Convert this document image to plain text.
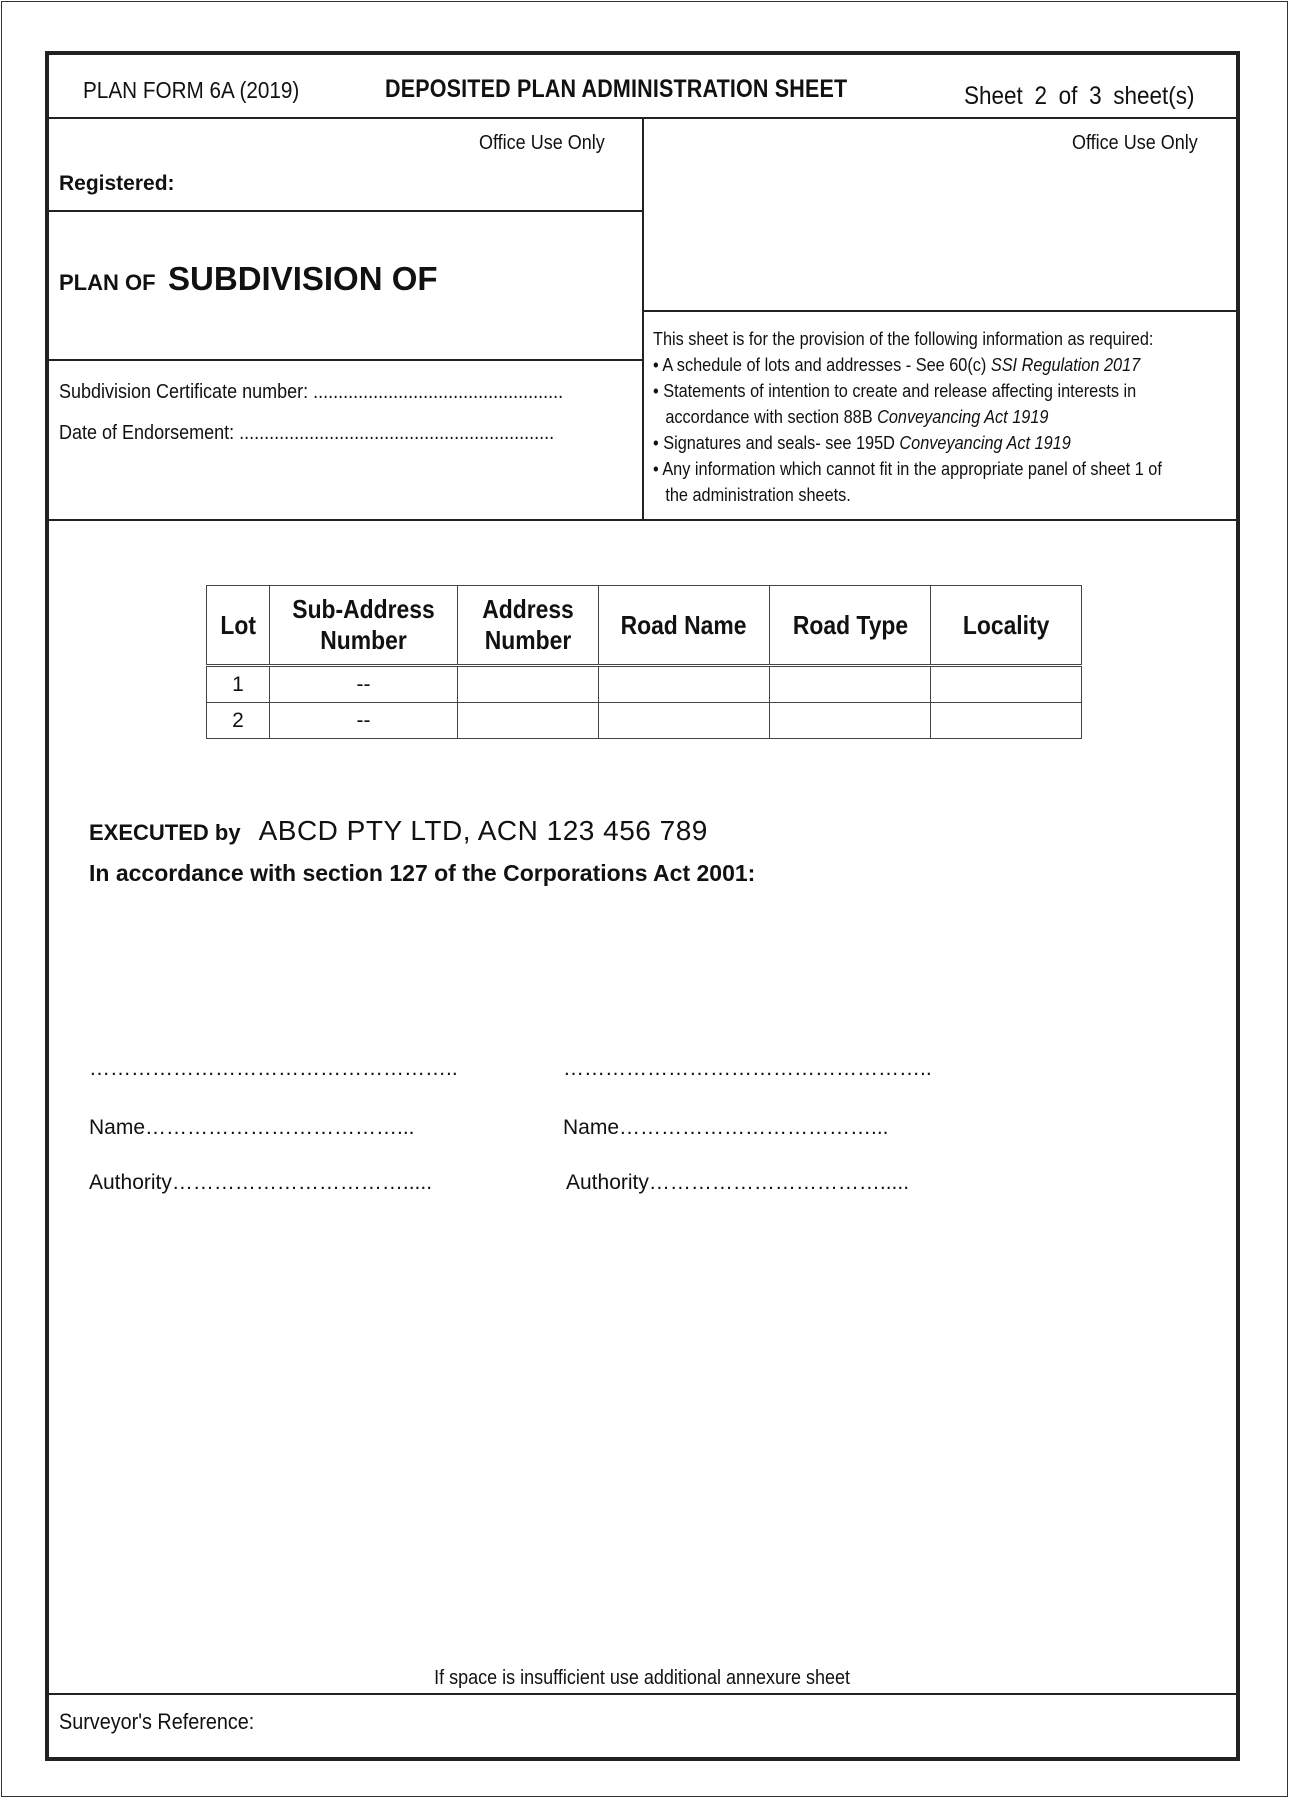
PLAN FORM 6A (2019)	DEPOSITED PLAN ADMINISTRATION SHEET	Sheet 2 of 3 sheet(s)
Office Use Only
Registered:
PLAN OF SUBDIVISION OF
Subdivision Certificate number: ..................................................
Date of Endorsement: ...............................................................
Office Use Only
This sheet is for the provision of the following information as required:
• A schedule of lots and addresses - See 60(c) SSI Regulation 2017
• Statements of intention to create and release affecting interests in
accordance with section 88B Conveyancing Act 1919
• Signatures and seals- see 195D Conveyancing Act 1919
• Any information which cannot fit in the appropriate panel of sheet 1 of
the administration sheets.
Lot	Sub-Address Number	Address Number	Road Name	Road Type	Locality
1	--				
2	--				
EXECUTED by ABCD PTY LTD, ACN 123 456 789
In accordance with section 127 of the Corporations Act 2001:
……………………………………………..
Name………………………………...
Authority…………………………….....
……………………………………………..
Name………………………………...
Authority…………………………….....
If space is insufficient use additional annexure sheet
Surveyor's Reference:
